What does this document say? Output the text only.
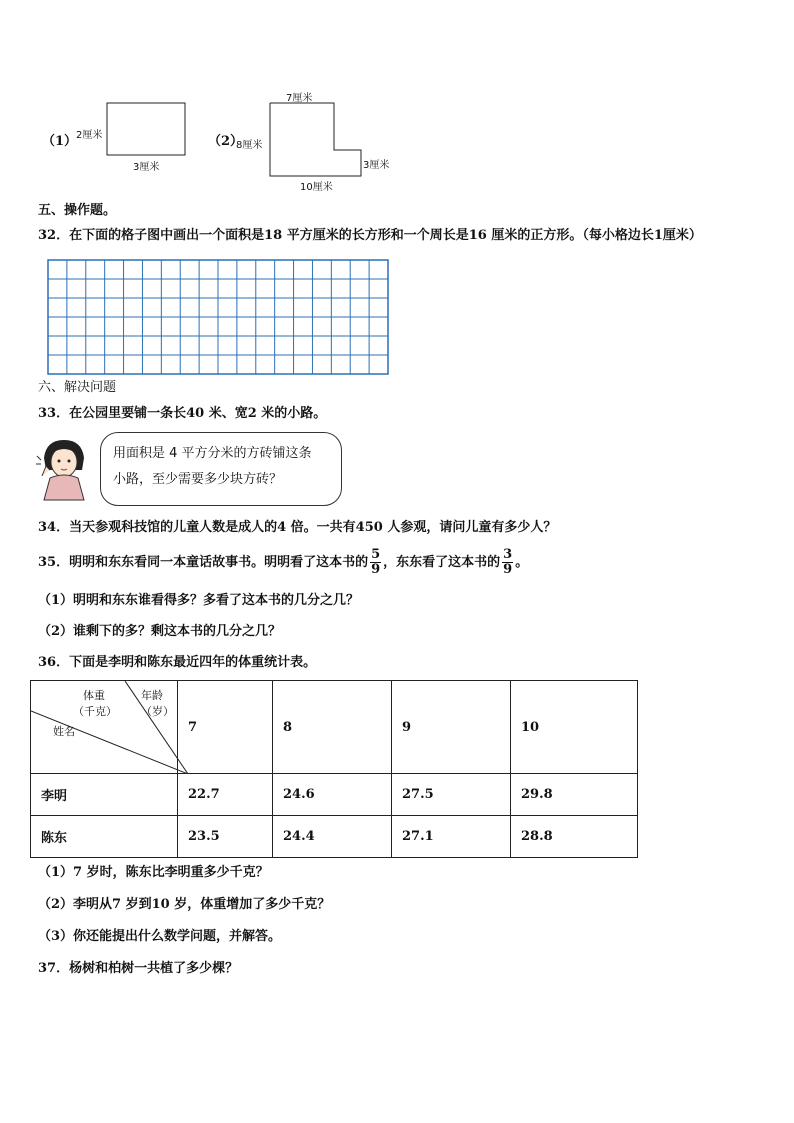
（1）
2厘米
3厘米
（2）
7厘米
8厘米
3厘米
10厘米
五、操作题。
32．在下面的格子图中画出一个面积是18 平方厘米的长方形和一个周长是16 厘米的正方形。（每小格边长1厘米）
六、解决问题
33．在公园里要铺一条长40 米、宽2 米的小路。
用面积是 4 平方分米的方砖铺这条
小路，至少需要多少块方砖？
34．当天参观科技馆的儿童人数是成人的4 倍。一共有450 人参观，请问儿童有多少人？
35．明明和东东看同一本童话故事书。明明看了这本书的 $\frac{5}{9}$ ，东东看了这本书的 $\frac{3}{9}$ 。
（1）明明和东东谁看得多？多看了这本书的几分之几？
（2）谁剩下的多？剩这本书的几分之几？
36．下面是李明和陈东最近四年的体重统计表。
体重
（千克）
年龄
（岁）
姓名	7	8	9	10
李明	22.7	24.6	27.5	29.8
陈东	23.5	24.4	27.1	28.8
（1）7 岁时，陈东比李明重多少千克？
（2）李明从7 岁到10 岁，体重增加了多少千克？
（3）你还能提出什么数学问题，并解答。
37．杨树和柏树一共植了多少棵？
